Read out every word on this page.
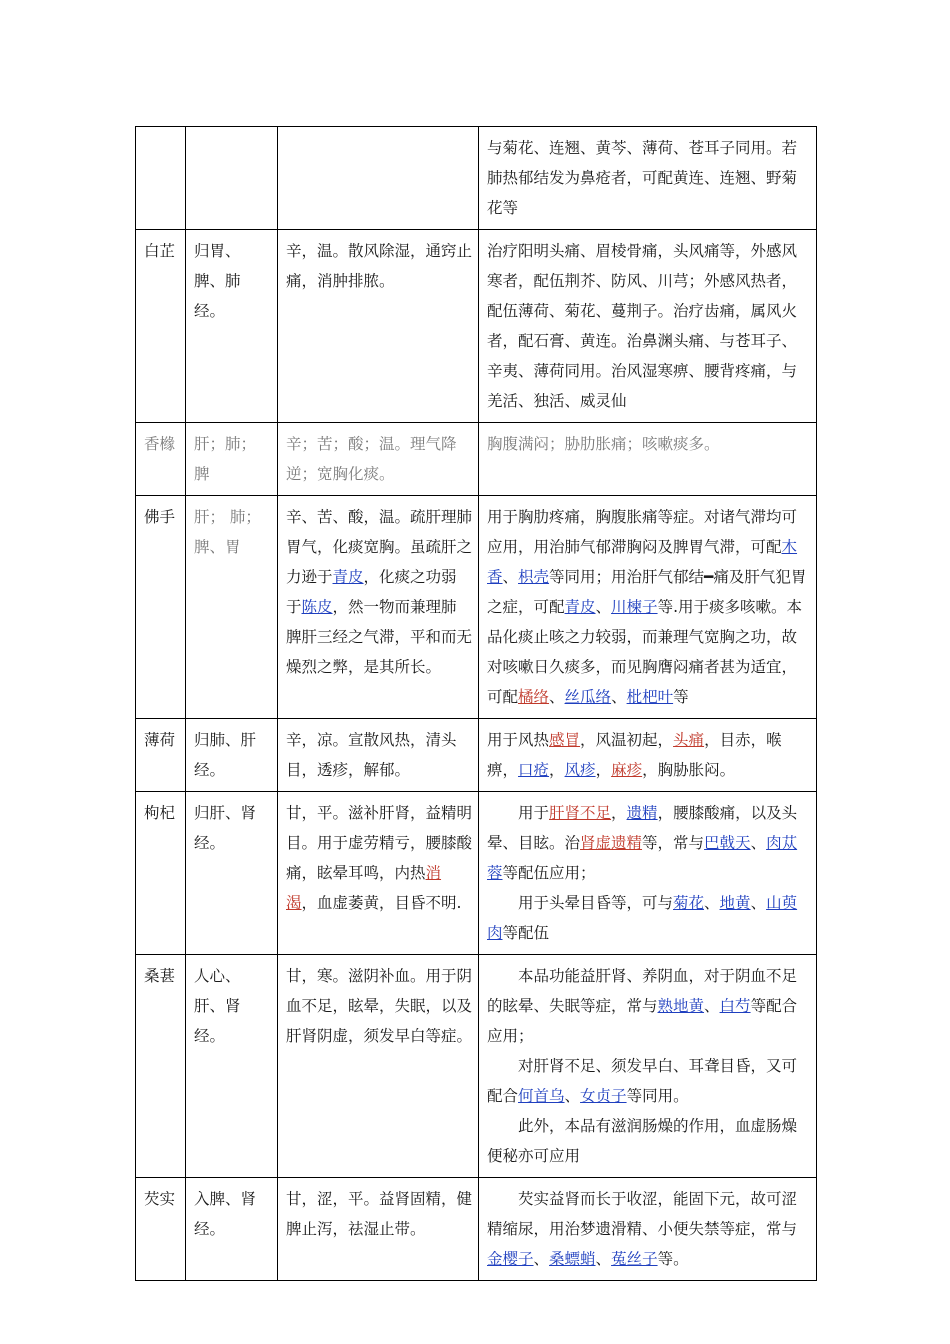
			与菊花、连翘、黄芩、薄荷、苍耳子同用。若肺热郁结发为鼻疮者，可配黄连、连翘、野菊花等

白芷	归胃、脾、肺经。	辛，温。散风除湿，通窍止痛，消肿排脓。	治疗阳明头痛、眉棱骨痛，头风痛等，外感风寒者，配伍荆芥、防风、川芎；外感风热者，配伍薄荷、菊花、蔓荆子。治疗齿痛，属风火者，配石膏、黄连。治鼻渊头痛、与苍耳子、辛夷、薄荷同用。治风湿寒痹、腰背疼痛，与羌活、独活、威灵仙

香橼	肝；肺；脾	辛；苦；酸；温。理气降逆；宽胸化痰。	胸腹满闷；胁肋胀痛；咳嗽痰多。

佛手	肝； 肺； 脾、胃	辛、苦、酸，温。疏肝理肺胃气，化痰宽胸。虽疏肝之力逊于青皮，化痰之功弱于陈皮，然一物而兼理肺脾肝三经之气滞，平和而无燥烈之弊，是其所长。	用于胸肋疼痛，胸腹胀痛等症。对诸气滞均可应用，用治肺气郁滞胸闷及脾胃气滞，可配木香、枳壳等同用；用治肝气郁结━痛及肝气犯胃之症，可配青皮、川楝子等.用于痰多咳嗽。本品化痰止咳之力较弱，而兼理气宽胸之功，故对咳嗽日久痰多，而见胸膺闷痛者甚为适宜，可配橘络、丝瓜络、枇杷叶等

薄荷	归肺、肝经。	辛，凉。宣散风热，清头目，透疹，解郁。	用于风热感冒，风温初起，头痛，目赤，喉痹，口疮，风疹，麻疹，胸胁胀闷。

枸杞	归肝、肾经。	甘，平。滋补肝肾，益精明目。用于虚劳精亏，腰膝酸痛，眩晕耳鸣，内热消渴，血虚萎黄，目昏不明.	用于肝肾不足，遗精，腰膝酸痛，以及头晕、目眩。治肾虚遗精等，常与巴戟天、肉苁蓉等配伍应用；
用于头晕目昏等，可与菊花、地黄、山萸肉等配伍

桑葚	人心、肝、肾经。	甘，寒。滋阴补血。用于阴血不足，眩晕，失眠，以及肝肾阴虚，须发早白等症。	本品功能益肝肾、养阴血，对于阴血不足的眩晕、失眠等症，常与熟地黄、白芍等配合应用；
对肝肾不足、须发早白、耳聋目昏，又可配合何首乌、女贞子等同用。
此外，本品有滋润肠燥的作用，血虚肠燥便秘亦可应用

芡实	入脾、肾经。	甘，涩，平。益肾固精，健脾止泻，祛湿止带。	芡实益肾而长于收涩，能固下元，故可涩精缩尿，用治梦遗滑精、小便失禁等症，常与金樱子、桑螵蛸、菟丝子等。
